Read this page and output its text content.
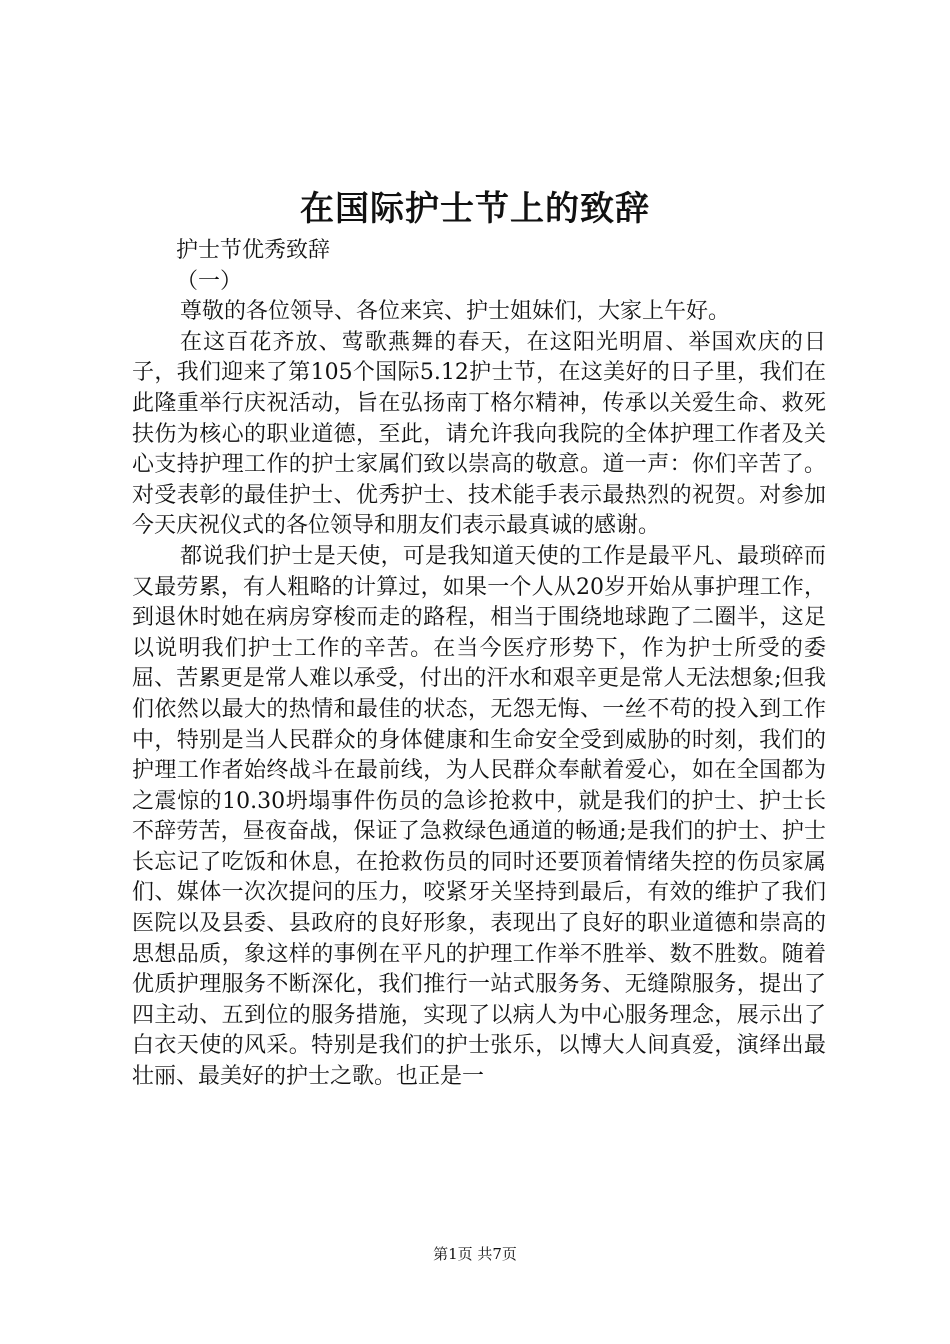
在国际护士节上的致辞

护士节优秀致辞

（一）

尊敬的各位领导、各位来宾、护士姐妹们，大家上午好。

在这百花齐放、莺歌燕舞的春天，在这阳光明眉、举国欢庆的日子，我们迎来了第105个国际5.12护士节，在这美好的日子里，我们在此隆重举行庆祝活动，旨在弘扬南丁格尔精神，传承以关爱生命、救死扶伤为核心的职业道德，至此，请允许我向我院的全体护理工作者及关心支持护理工作的护士家属们致以崇高的敬意。道一声：你们辛苦了。对受表彰的最佳护士、优秀护士、技术能手表示最热烈的祝贺。对参加今天庆祝仪式的各位领导和朋友们表示最真诚的感谢。

都说我们护士是天使，可是我知道天使的工作是最平凡、最琐碎而又最劳累，有人粗略的计算过，如果一个人从20岁开始从事护理工作，到退休时她在病房穿梭而走的路程，相当于围绕地球跑了二圈半，这足以说明我们护士工作的辛苦。在当今医疗形势下，作为护士所受的委屈、苦累更是常人难以承受，付出的汗水和艰辛更是常人无法想象;但我们依然以最大的热情和最佳的状态，无怨无悔、一丝不苟的投入到工作中，特别是当人民群众的身体健康和生命安全受到威胁的时刻，我们的护理工作者始终战斗在最前线，为人民群众奉献着爱心，如在全国都为之震惊的10.30坍塌事件伤员的急诊抢救中，就是我们的护士、护士长不辞劳苦，昼夜奋战，保证了急救绿色通道的畅通;是我们的护士、护士长忘记了吃饭和休息，在抢救伤员的同时还要顶着情绪失控的伤员家属们、媒体一次次提问的压力，咬紧牙关坚持到最后，有效的维护了我们医院以及县委、县政府的良好形象，表现出了良好的职业道德和崇高的思想品质，象这样的事例在平凡的护理工作举不胜举、数不胜数。随着优质护理服务不断深化，我们推行一站式服务务、无缝隙服务，提出了四主动、五到位的服务措施，实现了以病人为中心服务理念，展示出了白衣天使的风采。特别是我们的护士张乐，以博大人间真爱，演绎出最壮丽、最美好的护士之歌。也正是一

第1页 共7页
